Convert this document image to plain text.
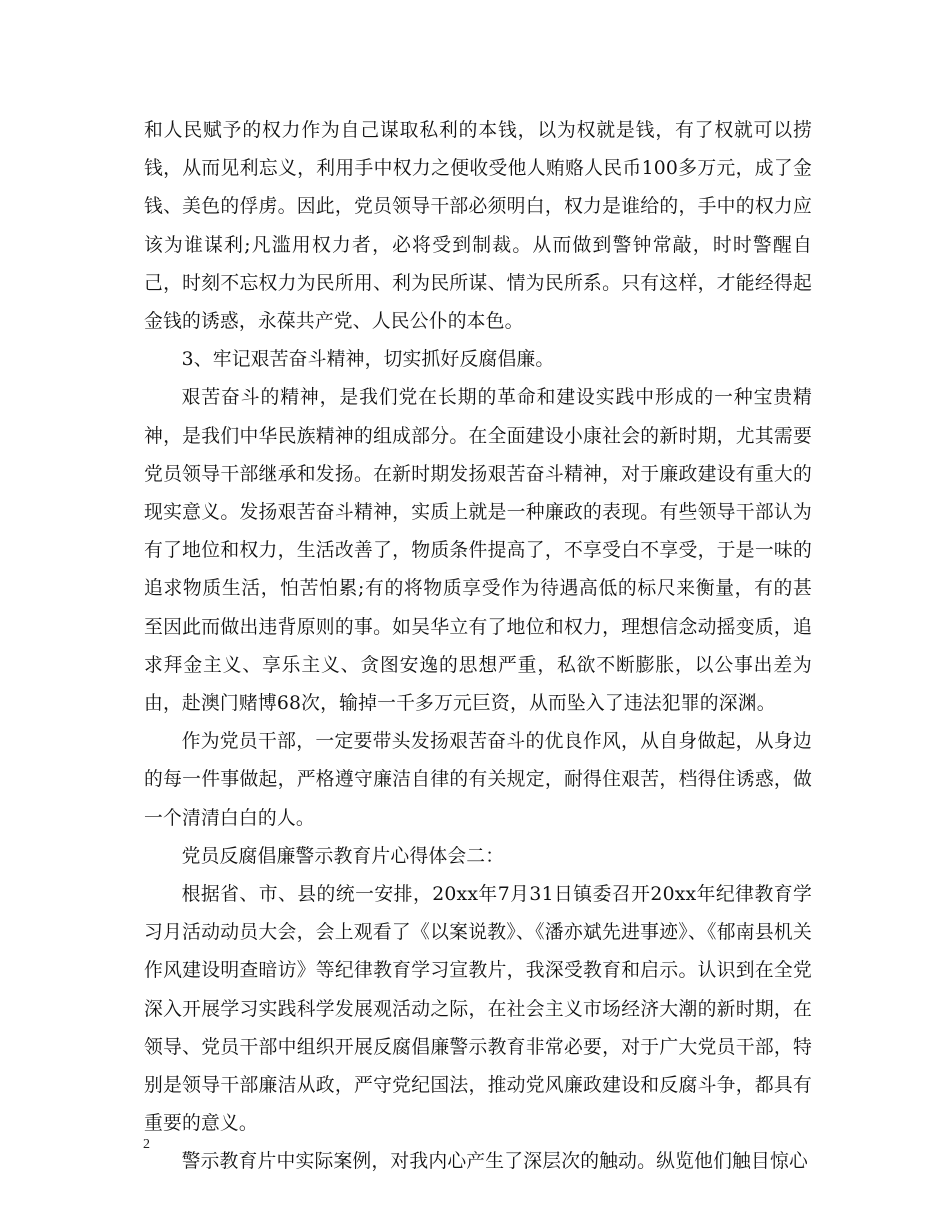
和人民赋予的权力作为自己谋取私利的本钱，以为权就是钱，有了权就可以捞钱，从而见利忘义，利用手中权力之便收受他人贿赂人民币100多万元，成了金钱、美色的俘虏。因此，党员领导干部必须明白，权力是谁给的，手中的权力应该为谁谋利;凡滥用权力者，必将受到制裁。从而做到警钟常敲，时时警醒自己，时刻不忘权力为民所用、利为民所谋、情为民所系。只有这样，才能经得起金钱的诱惑，永葆共产党、人民公仆的本色。

3、牢记艰苦奋斗精神，切实抓好反腐倡廉。

艰苦奋斗的精神，是我们党在长期的革命和建设实践中形成的一种宝贵精神，是我们中华民族精神的组成部分。在全面建设小康社会的新时期，尤其需要党员领导干部继承和发扬。在新时期发扬艰苦奋斗精神，对于廉政建设有重大的现实意义。发扬艰苦奋斗精神，实质上就是一种廉政的表现。有些领导干部认为有了地位和权力，生活改善了，物质条件提高了，不享受白不享受，于是一味的追求物质生活，怕苦怕累;有的将物质享受作为待遇高低的标尺来衡量，有的甚至因此而做出违背原则的事。如吴华立有了地位和权力，理想信念动摇变质，追求拜金主义、享乐主义、贪图安逸的思想严重，私欲不断膨胀，以公事出差为由，赴澳门赌博68次，输掉一千多万元巨资，从而坠入了违法犯罪的深渊。

作为党员干部，一定要带头发扬艰苦奋斗的优良作风，从自身做起，从身边的每一件事做起，严格遵守廉洁自律的有关规定，耐得住艰苦，档得住诱惑，做一个清清白白的人。

党员反腐倡廉警示教育片心得体会二：

根据省、市、县的统一安排，20xx年7月31日镇委召开20xx年纪律教育学习月活动动员大会，会上观看了《以案说教》、《潘亦斌先进事迹》、《郁南县机关作风建设明查暗访》等纪律教育学习宣教片，我深受教育和启示。认识到在全党深入开展学习实践科学发展观活动之际，在社会主义市场经济大潮的新时期，在领导、党员干部中组织开展反腐倡廉警示教育非常必要，对于广大党员干部，特别是领导干部廉洁从政，严守党纪国法，推动党风廉政建设和反腐斗争，都具有重要的意义。

警示教育片中实际案例，对我内心产生了深层次的触动。纵览他们触目惊心

2
